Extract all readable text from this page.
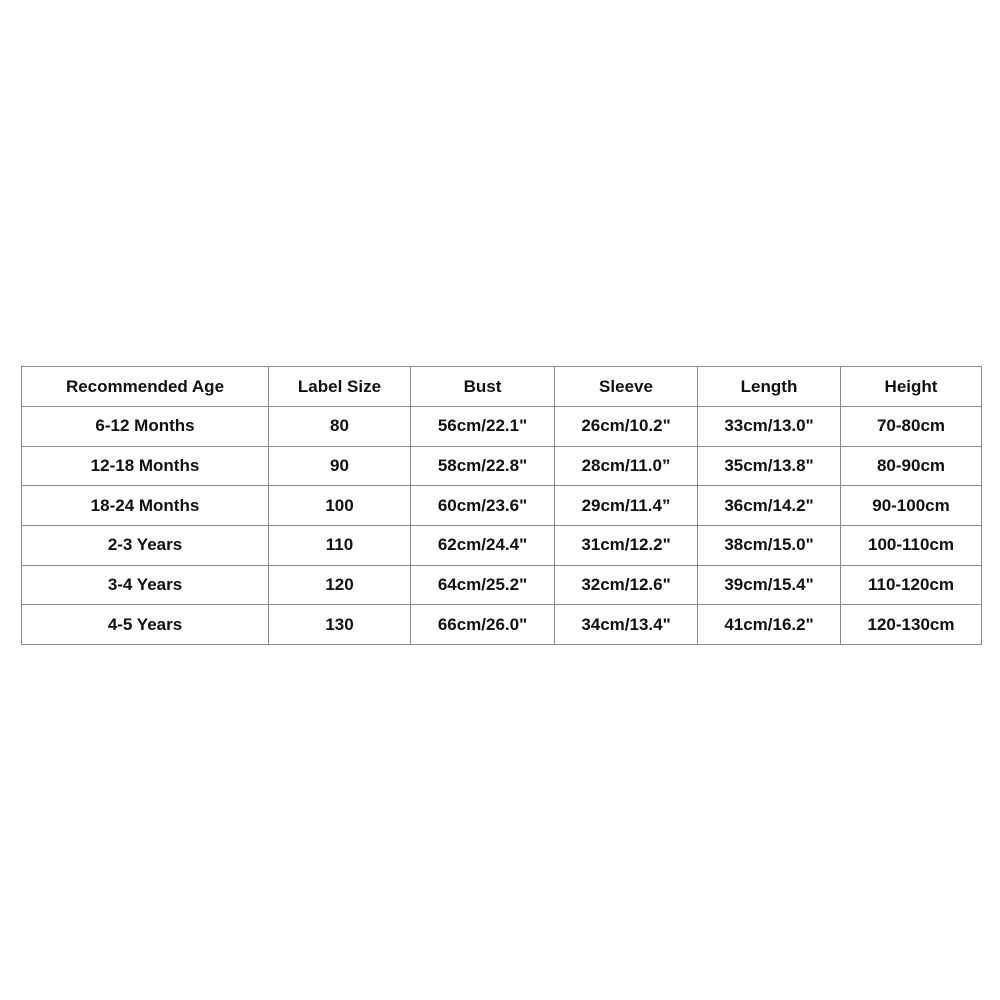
Recommended Age	Label Size	Bust	Sleeve	Length	Height
6-12 Months	80	56cm/22.1"	26cm/10.2"	33cm/13.0"	70-80cm
12-18 Months	90	58cm/22.8"	28cm/11.0”	35cm/13.8"	80-90cm
18-24 Months	100	60cm/23.6"	29cm/11.4”	36cm/14.2"	90-100cm
2-3 Years	110	62cm/24.4"	31cm/12.2"	38cm/15.0"	100-110cm
3-4 Years	120	64cm/25.2"	32cm/12.6"	39cm/15.4"	110-120cm
4-5 Years	130	66cm/26.0"	34cm/13.4"	41cm/16.2"	120-130cm
